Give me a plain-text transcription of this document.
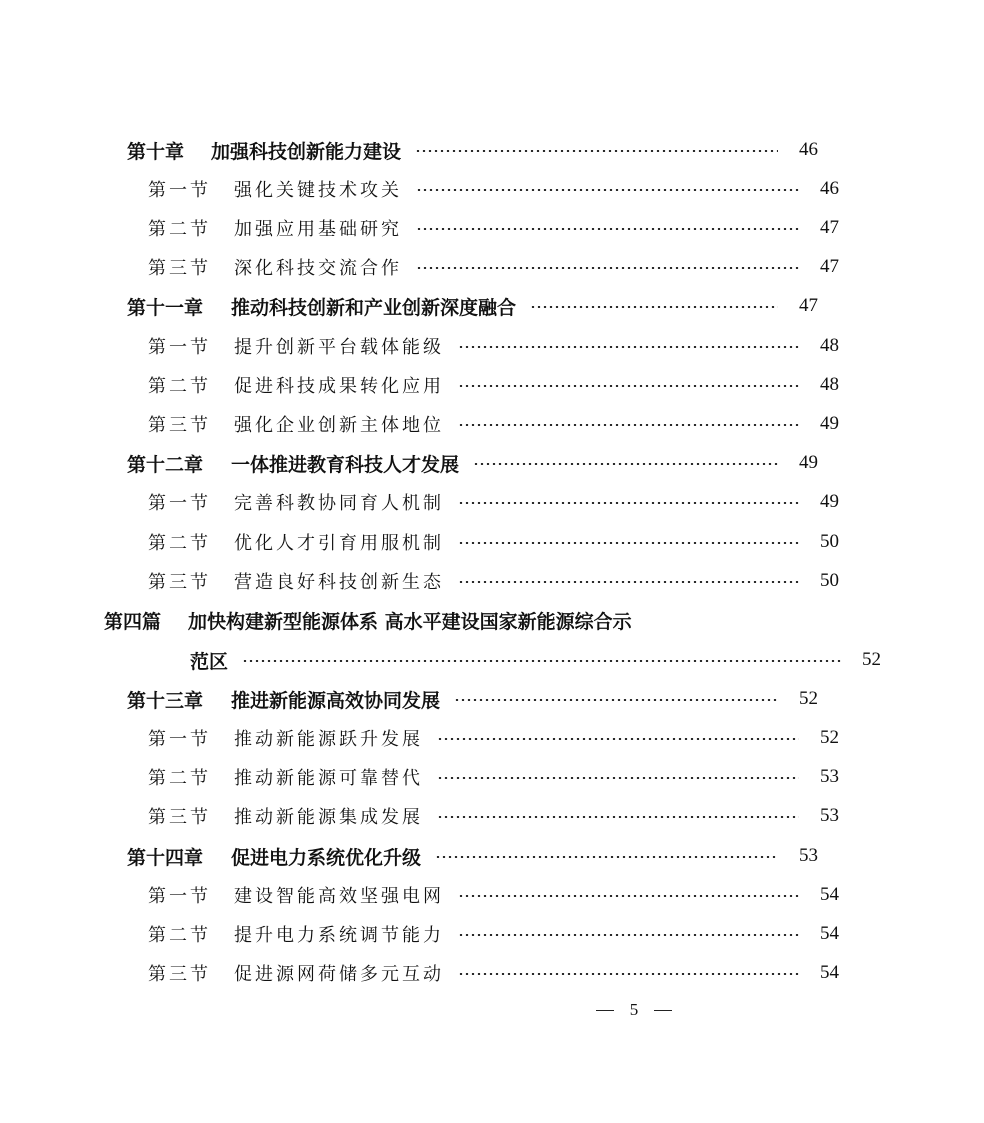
第十章	加强科技创新能力建设	46
第一节	强化关键技术攻关	46
第二节	加强应用基础研究	47
第三节	深化科技交流合作	47
第十一章	推动科技创新和产业创新深度融合	47
第一节	提升创新平台载体能级	48
第二节	促进科技成果转化应用	48
第三节	强化企业创新主体地位	49
第十二章	一体推进教育科技人才发展	49
第一节	完善科教协同育人机制	49
第二节	优化人才引育用服机制	50
第三节	营造良好科技创新生态	50
第四篇	加快构建新型能源体系 高水平建设国家新能源综合示
范区	52
第十三章	推进新能源高效协同发展	52
第一节	推动新能源跃升发展	52
第二节	推动新能源可靠替代	53
第三节	推动新能源集成发展	53
第十四章	促进电力系统优化升级	53
第一节	建设智能高效坚强电网	54
第二节	提升电力系统调节能力	54
第三节	促进源网荷储多元互动	54
5
